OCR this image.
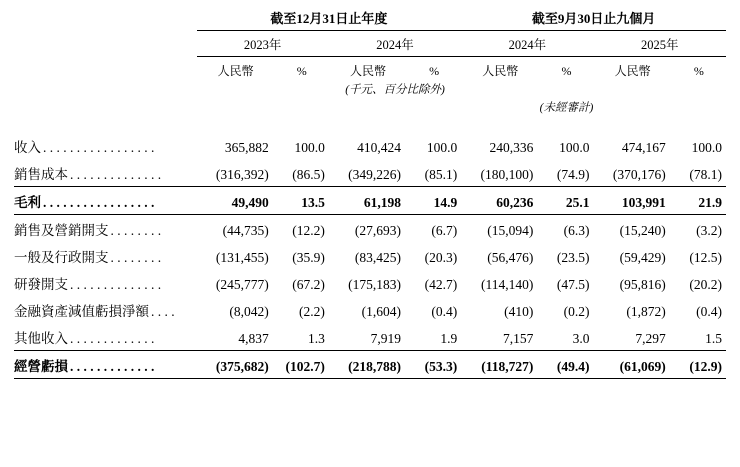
	截至12月31日止年度				截至9月30日止九個月			
	2023年		2024年		2024年		2025年	
	人民幣	%	人民幣	%	人民幣	%	人民幣	%
			(千元、百分比除外)					
					(未經審計)			

收入 . . . . . . . . . . . . . . . . .	365,882	100.0	410,424	100.0	240,336	100.0	474,167	100.0
銷售成本 . . . . . . . . . . . . . .	(316,392)	(86.5)	(349,226)	(85.1)	(180,100)	(74.9)	(370,176)	(78.1)
毛利 . . . . . . . . . . . . . . . . .	49,490	13.5	61,198	14.9	60,236	25.1	103,991	21.9
銷售及營銷開支 . . . . . . . .	(44,735)	(12.2)	(27,693)	(6.7)	(15,094)	(6.3)	(15,240)	(3.2)
一般及行政開支 . . . . . . . .	(131,455)	(35.9)	(83,425)	(20.3)	(56,476)	(23.5)	(59,429)	(12.5)
研發開支 . . . . . . . . . . . . . .	(245,777)	(67.2)	(175,183)	(42.7)	(114,140)	(47.5)	(95,816)	(20.2)
金融資產減值虧損淨額 . . . .	(8,042)	(2.2)	(1,604)	(0.4)	(410)	(0.2)	(1,872)	(0.4)
其他收入 . . . . . . . . . . . . .	4,837	1.3	7,919	1.9	7,157	3.0	7,297	1.5
經營虧損 . . . . . . . . . . . . .	(375,682)	(102.7)	(218,788)	(53.3)	(118,727)	(49.4)	(61,069)	(12.9)
